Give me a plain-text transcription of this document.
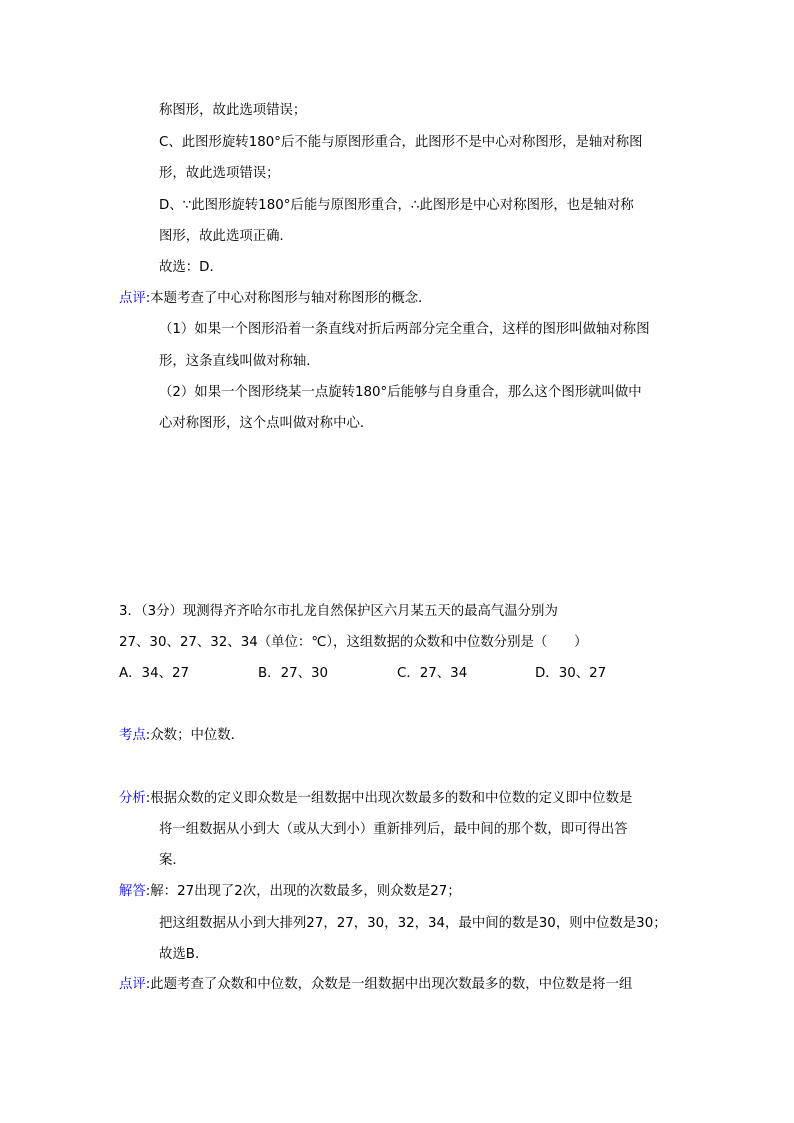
称图形，故此选项错误；
C、此图形旋转180°后不能与原图形重合，此图形不是中心对称图形，是轴对称图
形，故此选项错误；
D、∵此图形旋转180°后能与原图形重合，∴此图形是中心对称图形，也是轴对称
图形，故此选项正确．
故选：D．
点评:本题考查了中心对称图形与轴对称图形的概念．
（1）如果一个图形沿着一条直线对折后两部分完全重合，这样的图形叫做轴对称图
形，这条直线叫做对称轴．
（2）如果一个图形绕某一点旋转180°后能够与自身重合，那么这个图形就叫做中
心对称图形，这个点叫做对称中心．
3．（3分）现测得齐齐哈尔市扎龙自然保护区六月某五天的最高气温分别为
27、30、27、32、34（单位：℃），这组数据的众数和中位数分别是（　　）
A．34、27	B．27、30	C．27、34	D．30、27
考点:众数；中位数．
分析:根据众数的定义即众数是一组数据中出现次数最多的数和中位数的定义即中位数是
将一组数据从小到大（或从大到小）重新排列后，最中间的那个数，即可得出答
案．
解答:解：27出现了2次，出现的次数最多，则众数是27；
把这组数据从小到大排列27，27，30，32，34，最中间的数是30，则中位数是30；
故选B．
点评:此题考查了众数和中位数，众数是一组数据中出现次数最多的数，中位数是将一组
